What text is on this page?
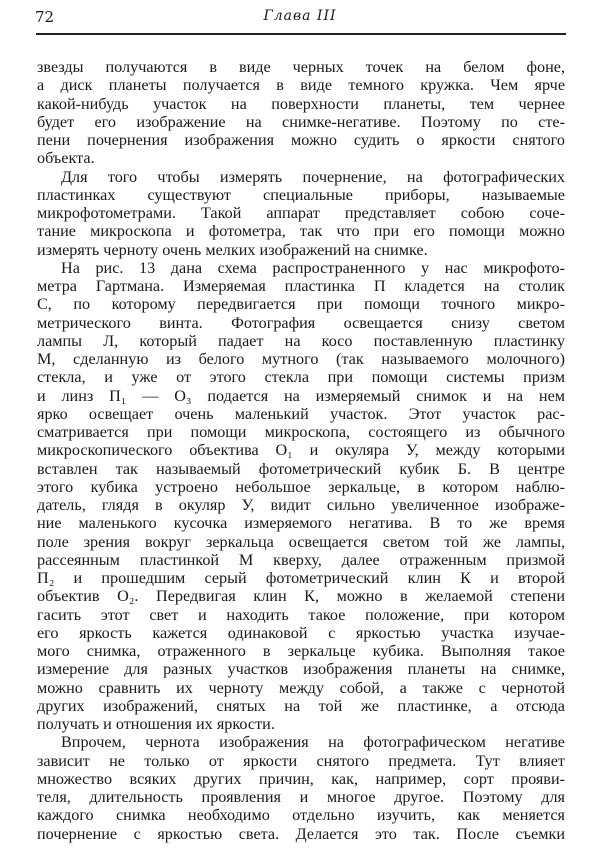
72	Глава III
звезды получаются в виде черных точек на белом фоне,
а диск планеты получается в виде темного кружка. Чем ярче
какой-нибудь участок на поверхности планеты, тем чернее
будет его изображение на снимке-негативе. Поэтому по сте-
пени почернения изображения можно судить о яркости снятого
объекта.
Для того чтобы измерять почернение, на фотографических
пластинках существуют специальные приборы, называемые
микрофотометрами. Такой аппарат представляет собою соче-
тание микроскопа и фотометра, так что при его помощи можно
измерять черноту очень мелких изображений на снимке.
На рис. 13 дана схема распространенного у нас микрофото-
метра Гартмана. Измеряемая пластинка П кладется на столик
С, по которому передвигается при помощи точного микро-
метрического винта. Фотография освещается снизу светом
лампы Л, который падает на косо поставленную пластинку
М, сделанную из белого мутного (так называемого молочного)
стекла, и уже от этого стекла при помощи системы призм
и линз П₁ — О₃ подается на измеряемый снимок и на нем
ярко освещает очень маленький участок. Этот участок рас-
сматривается при помощи микроскопа, состоящего из обычного
микроскопического объектива О₁ и окуляра У, между которыми
вставлен так называемый фотометрический кубик Б. В центре
этого кубика устроено небольшое зеркальце, в котором наблю-
датель, глядя в окуляр У, видит сильно увеличенное изображе-
ние маленького кусочка измеряемого негатива. В то же время
поле зрения вокруг зеркальца освещается светом той же лампы,
рассеянным пластинкой М кверху, далее отраженным призмой
П₂ и прошедшим серый фотометрический клин К и второй
объектив О₂. Передвигая клин К, можно в желаемой степени
гасить этот свет и находить такое положение, при котором
его яркость кажется одинаковой с яркостью участка изучае-
мого снимка, отраженного в зеркальце кубика. Выполняя такое
измерение для разных участков изображения планеты на снимке,
можно сравнить их черноту между собой, а также с чернотой
других изображений, снятых на той же пластинке, а отсюда
получать и отношения их яркости.
Впрочем, чернота изображения на фотографическом негативе
зависит не только от яркости снятого предмета. Тут влияет
множество всяких других причин, как, например, сорт прояви-
теля, длительность проявления и многое другое. Поэтому для
каждого снимка необходимо отдельно изучить, как меняется
почернение с яркостью света. Делается это так. После съемки
